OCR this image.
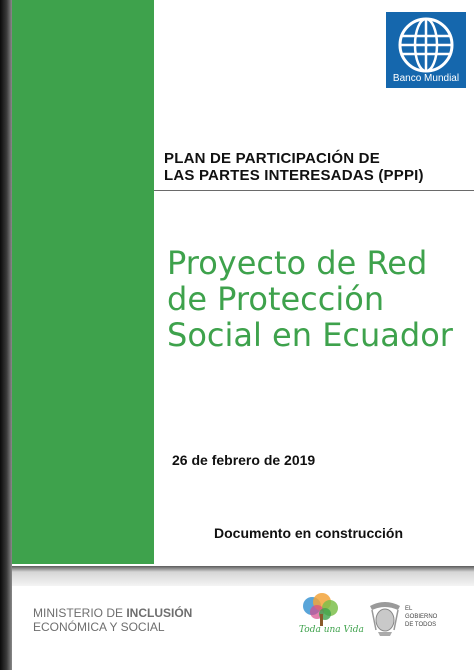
Banco Mundial
PLAN DE PARTICIPACIÓN DE
LAS PARTES INTERESADAS (PPPI)
Proyecto de Red
de Protección
Social en Ecuador
26 de febrero de 2019
Documento en construcción
MINISTERIO DE INCLUSIÓN
ECONÓMICA Y SOCIAL	Toda una Vida
EL GOBIERNO DE TODOS
